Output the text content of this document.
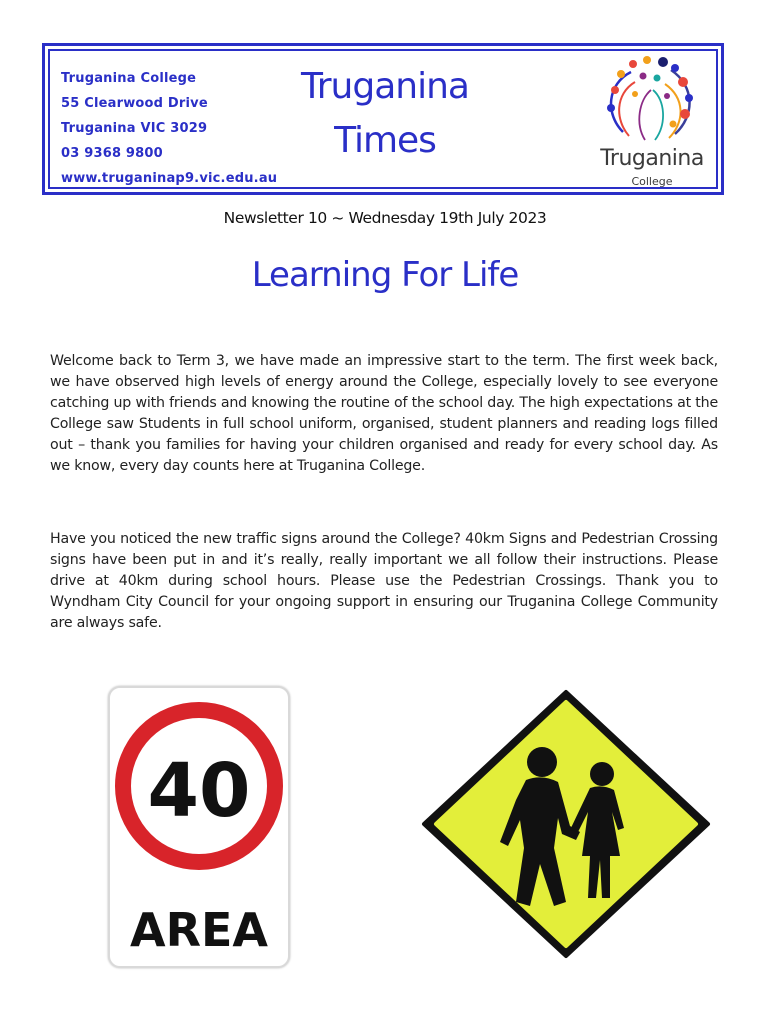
Truganina College
55 Clearwood Drive
Truganina VIC 3029
03 9368 9800
www.truganinap9.vic.edu.au
Truganina
Times	Truganina
College
Newsletter 10 ~ Wednesday 19th July 2023
Learning For Life
Welcome back to Term 3, we have made an impressive start to the term. The first week back, we have observed high levels of energy around the College, especially lovely to see everyone catching up with friends and knowing the routine of the school day. The high expectations at the College saw Students in full school uniform, organised, student planners and reading logs filled out – thank you families for having your children organised and ready for every school day. As we know, every day counts here at Truganina College.
Have you noticed the new traffic signs around the College? 40km Signs and Pedestrian Crossing signs have been put in and it’s really, really important we all follow their instructions. Please drive at 40km during school hours. Please use the Pedestrian Crossings. Thank you to Wyndham City Council for your ongoing support in ensuring our Truganina College Community are always safe.
40
AREA
